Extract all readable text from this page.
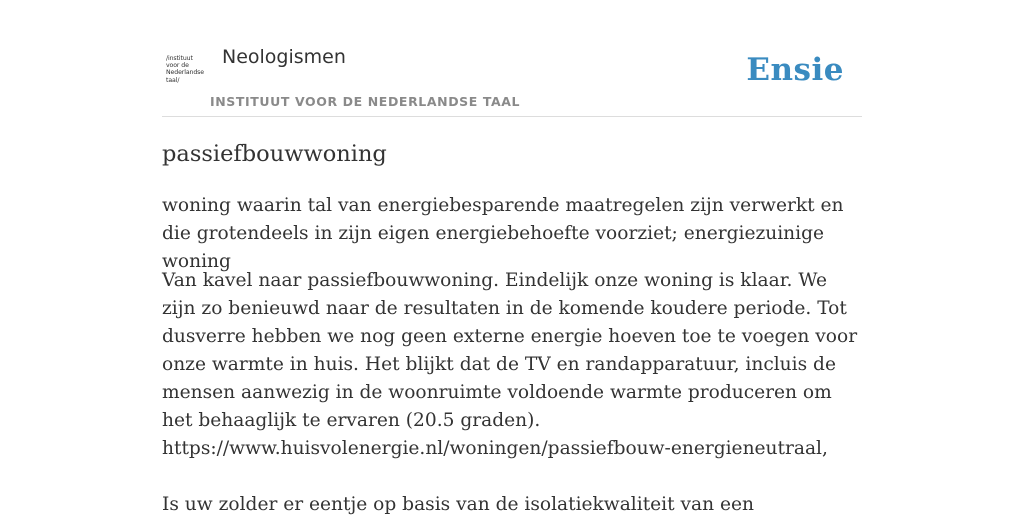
/instituut
voor de
Nederlandse
taal/
Neologismen
INSTITUUT VOOR DE NEDERLANDSE TAAL
Ensie
passiefbouwwoning
woning waarin tal van energiebesparende maatregelen zijn verwerkt en die grotendeels in zijn eigen energiebehoefte voorziet; energiezuinige woning

Van kavel naar passiefbouwwoning. Eindelijk onze woning is klaar. We zijn zo benieuwd naar de resultaten in de komende koudere periode. Tot dusverre hebben we nog geen externe energie hoeven toe te voegen voor onze warmte in huis. Het blijkt dat de TV en randapparatuur, incluis de mensen aanwezig in de woonruimte voldoende warmte produceren om het behaaglijk te ervaren (20.5 graden).

https://www.huisvolenergie.nl/woningen/passiefbouw-energieneutraal,

Is uw zolder er eentje op basis van de isolatiekwaliteit van een
